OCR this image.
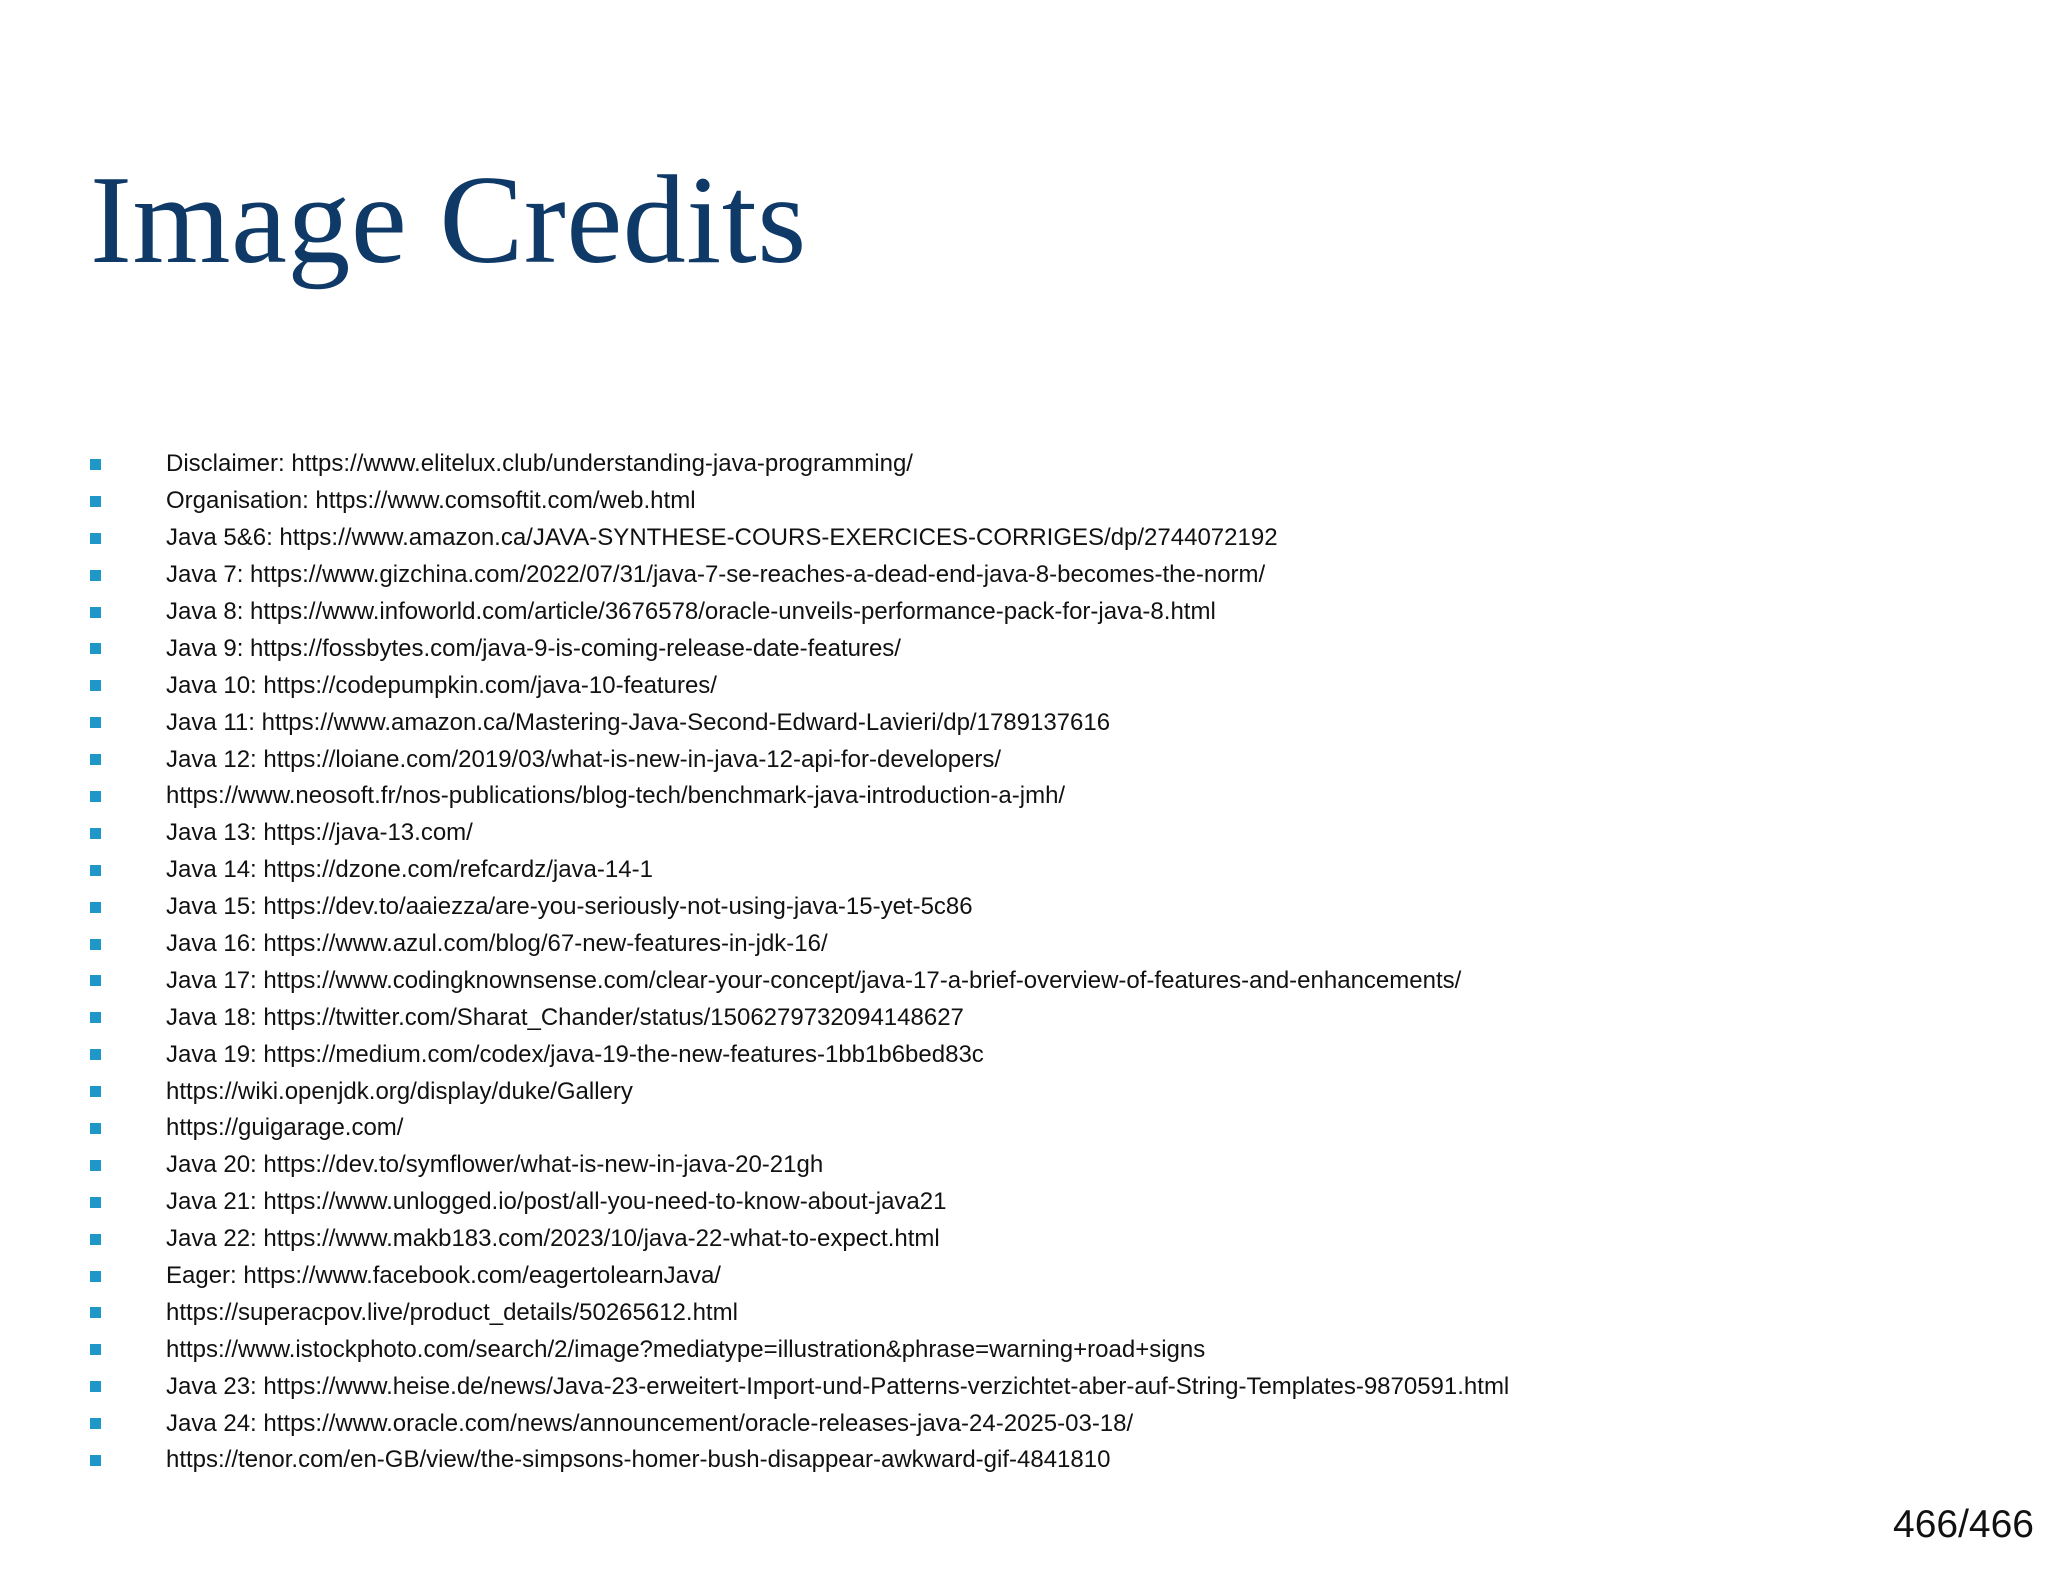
Image Credits
Disclaimer: https://www.elitelux.club/understanding-java-programming/
Organisation: https://www.comsoftit.com/web.html
Java 5&6: https://www.amazon.ca/JAVA-SYNTHESE-COURS-EXERCICES-CORRIGES/dp/2744072192
Java 7: https://www.gizchina.com/2022/07/31/java-7-se-reaches-a-dead-end-java-8-becomes-the-norm/
Java 8: https://www.infoworld.com/article/3676578/oracle-unveils-performance-pack-for-java-8.html
Java 9: https://fossbytes.com/java-9-is-coming-release-date-features/
Java 10: https://codepumpkin.com/java-10-features/
Java 11: https://www.amazon.ca/Mastering-Java-Second-Edward-Lavieri/dp/1789137616
Java 12: https://loiane.com/2019/03/what-is-new-in-java-12-api-for-developers/
https://www.neosoft.fr/nos-publications/blog-tech/benchmark-java-introduction-a-jmh/
Java 13: https://java-13.com/
Java 14: https://dzone.com/refcardz/java-14-1
Java 15: https://dev.to/aaiezza/are-you-seriously-not-using-java-15-yet-5c86
Java 16: https://www.azul.com/blog/67-new-features-in-jdk-16/
Java 17: https://www.codingknownsense.com/clear-your-concept/java-17-a-brief-overview-of-features-and-enhancements/
Java 18: https://twitter.com/Sharat_Chander/status/1506279732094148627
Java 19: https://medium.com/codex/java-19-the-new-features-1bb1b6bed83c
https://wiki.openjdk.org/display/duke/Gallery
https://guigarage.com/
Java 20: https://dev.to/symflower/what-is-new-in-java-20-21gh
Java 21: https://www.unlogged.io/post/all-you-need-to-know-about-java21
Java 22: https://www.makb183.com/2023/10/java-22-what-to-expect.html
Eager: https://www.facebook.com/eagertolearnJava/
https://superacpov.live/product_details/50265612.html
https://www.istockphoto.com/search/2/image?mediatype=illustration&phrase=warning+road+signs
Java 23: https://www.heise.de/news/Java-23-erweitert-Import-und-Patterns-verzichtet-aber-auf-String-Templates-9870591.html
Java 24: https://www.oracle.com/news/announcement/oracle-releases-java-24-2025-03-18/
https://tenor.com/en-GB/view/the-simpsons-homer-bush-disappear-awkward-gif-4841810
466/466
